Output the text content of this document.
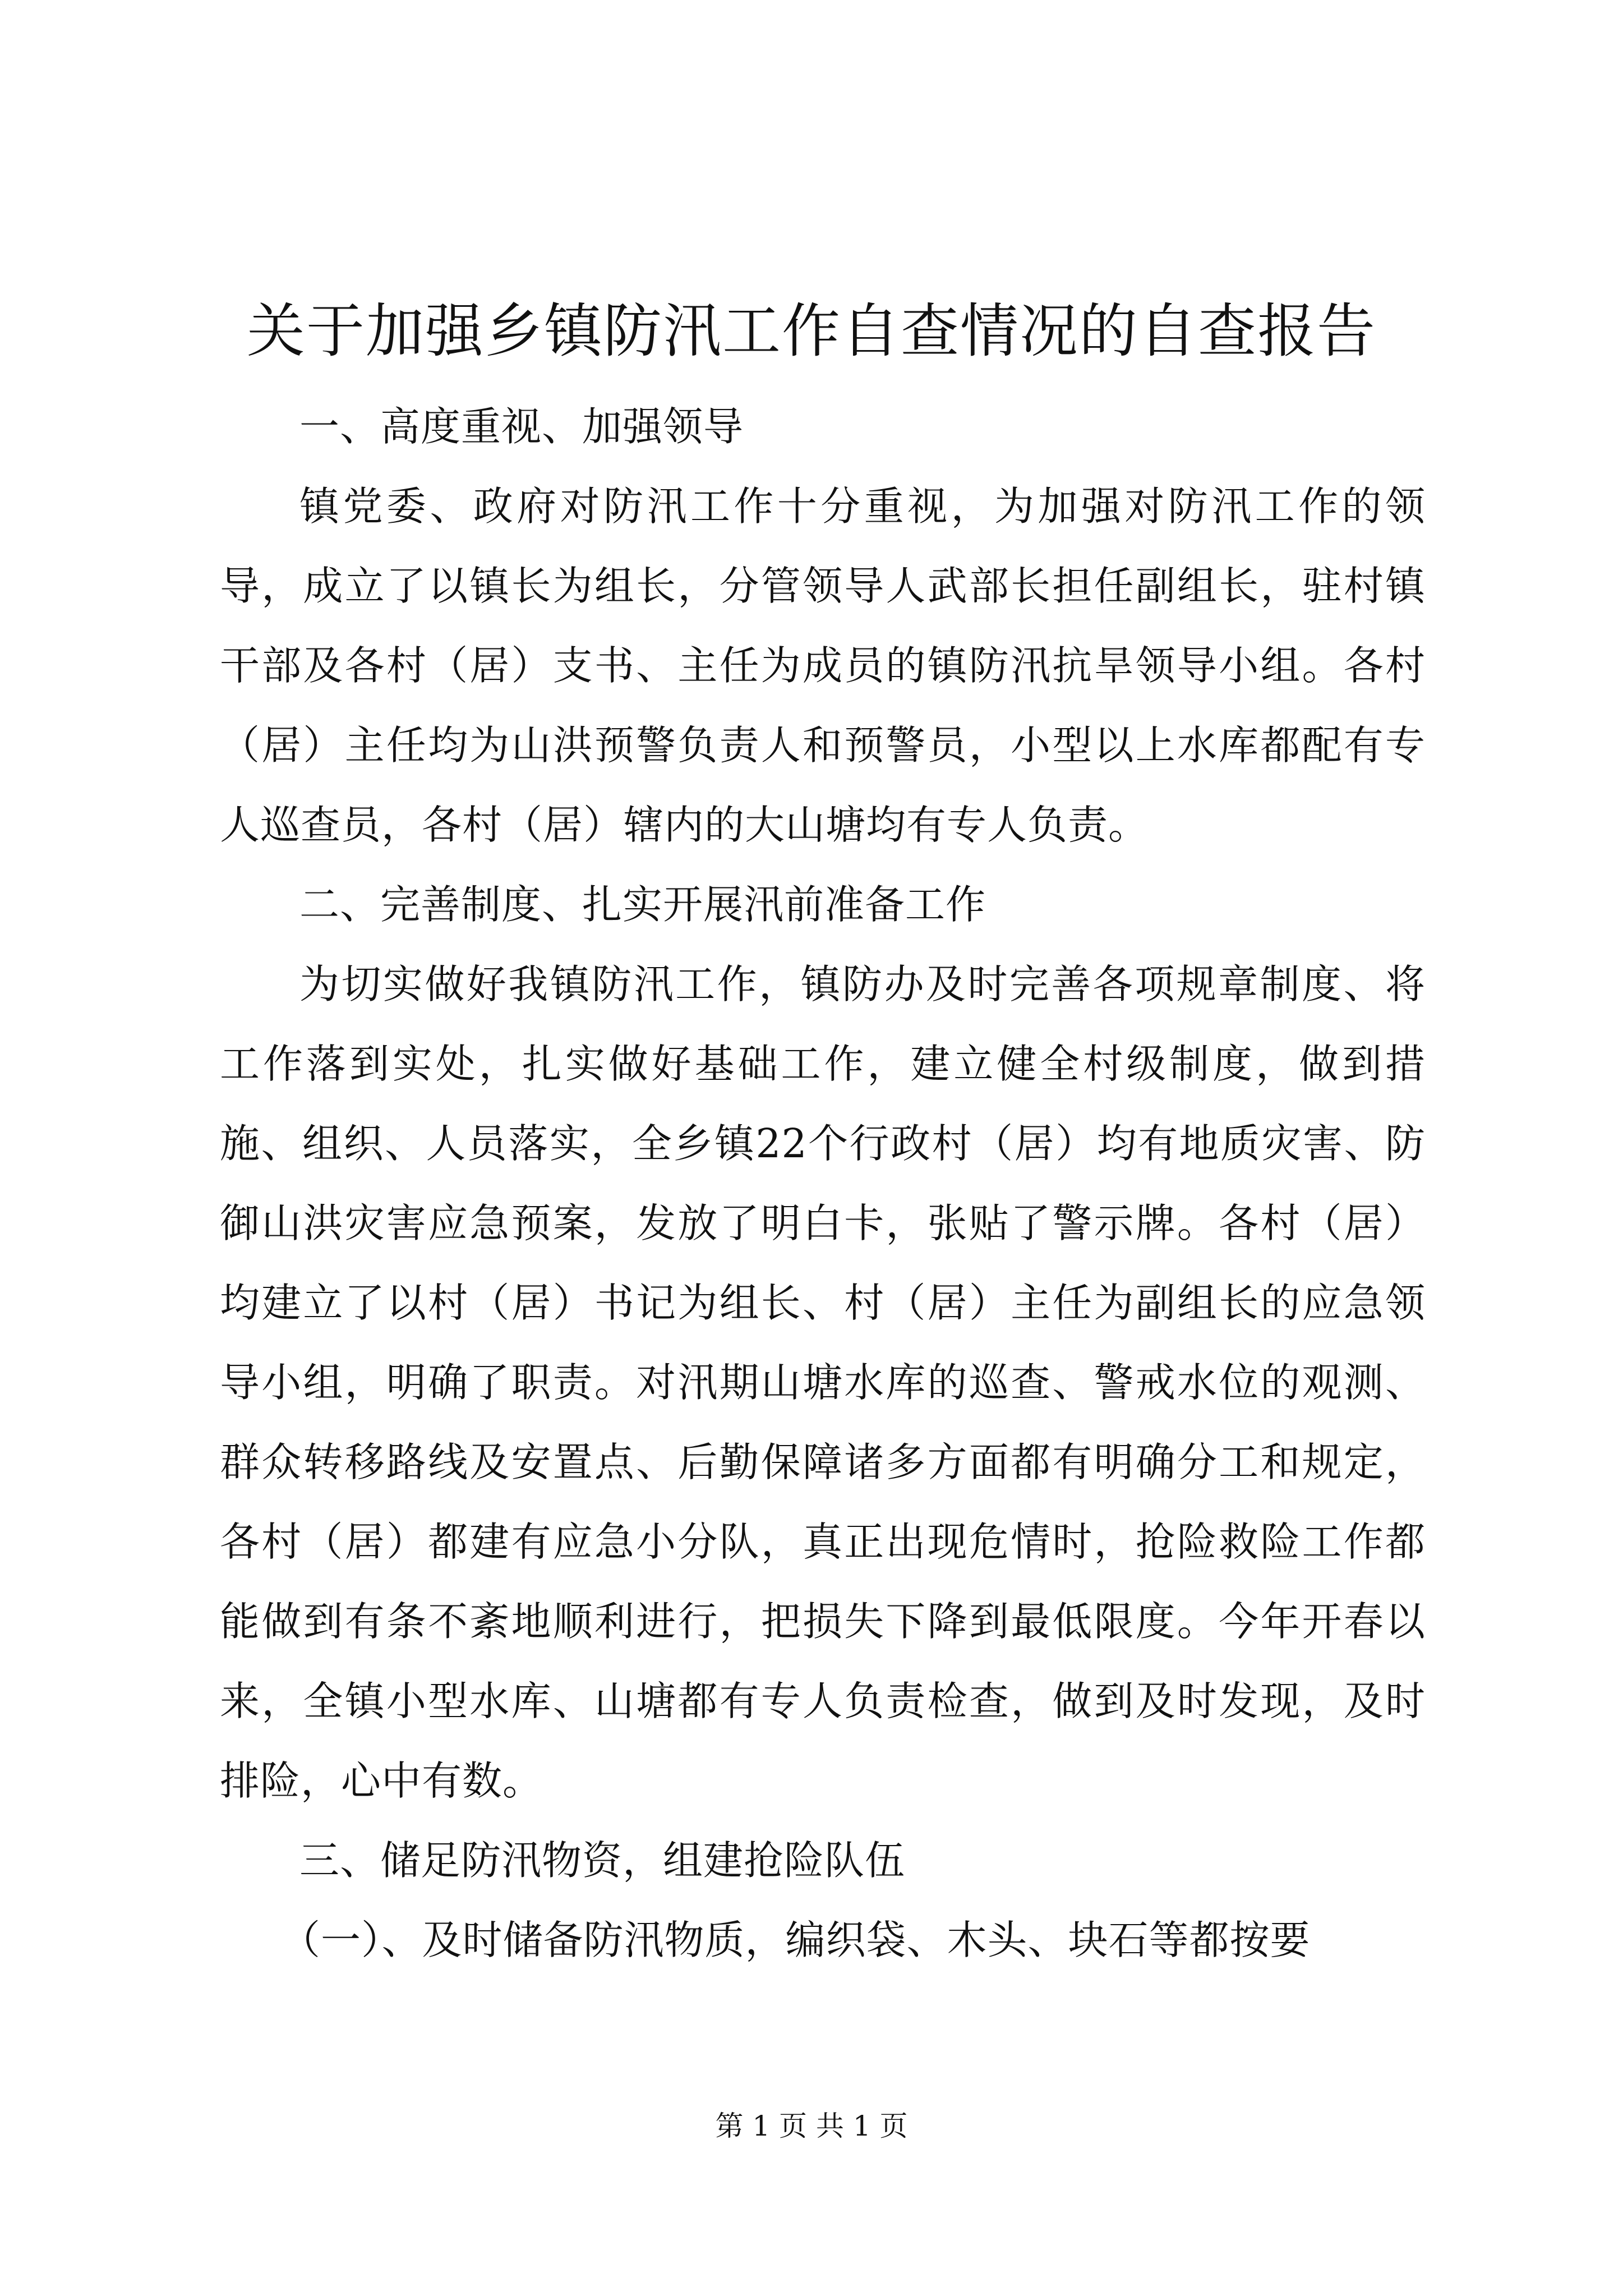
关于加强乡镇防汛工作自查情况的自查报告

一、高度重视、加强领导

镇党委、政府对防汛工作十分重视，为加强对防汛工作的领导，成立了以镇长为组长，分管领导人武部长担任副组长，驻村镇干部及各村（居）支书、主任为成员的镇防汛抗旱领导小组。各村（居）主任均为山洪预警负责人和预警员，小型以上水库都配有专人巡查员，各村（居）辖内的大山塘均有专人负责。

二、完善制度、扎实开展汛前准备工作

为切实做好我镇防汛工作，镇防办及时完善各项规章制度、将工作落到实处，扎实做好基础工作，建立健全村级制度，做到措施、组织、人员落实，全乡镇22个行政村（居）均有地质灾害、防御山洪灾害应急预案，发放了明白卡，张贴了警示牌。各村（居）均建立了以村（居）书记为组长、村（居）主任为副组长的应急领导小组，明确了职责。对汛期山塘水库的巡查、警戒水位的观测、群众转移路线及安置点、后勤保障诸多方面都有明确分工和规定，各村（居）都建有应急小分队，真正出现危情时，抢险救险工作都能做到有条不紊地顺利进行，把损失下降到最低限度。今年开春以来，全镇小型水库、山塘都有专人负责检查，做到及时发现，及时排险，心中有数。

三、储足防汛物资，组建抢险队伍

（一）、及时储备防汛物质，编织袋、木头、块石等都按要

第 1 页 共 1 页
